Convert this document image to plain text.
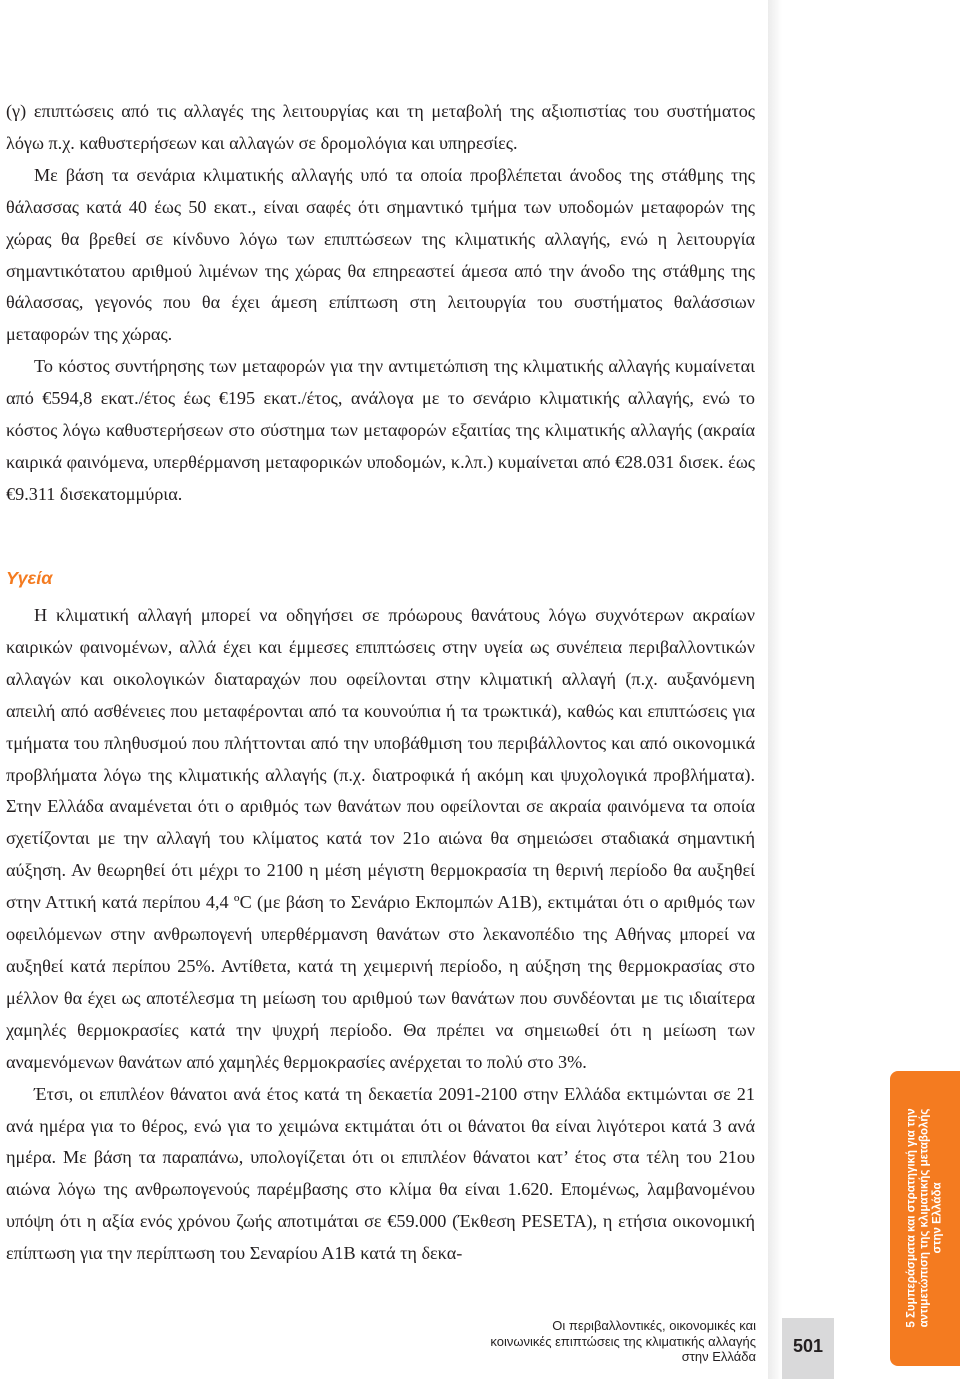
(γ) επιπτώσεις από τις αλλαγές της λειτουργίας και τη μεταβολή της αξιοπιστίας του συστήματος λόγω π.χ. καθυστερήσεων και αλλαγών σε δρομολόγια και υπηρεσίες.

Με βάση τα σενάρια κλιματικής αλλαγής υπό τα οποία προβλέπεται άνοδος της στάθμης της θάλασσας κατά 40 έως 50 εκατ., είναι σαφές ότι σημαντικό τμήμα των υποδομών μεταφορών της χώρας θα βρεθεί σε κίνδυνο λόγω των επιπτώσεων της κλιματικής αλλαγής, ενώ η λειτουργία σημαντικότατου αριθμού λιμένων της χώρας θα επηρεαστεί άμεσα από την άνοδο της στάθμης της θάλασσας, γεγονός που θα έχει άμεση επίπτωση στη λειτουργία του συστήματος θαλάσσιων μεταφορών της χώρας.

Το κόστος συντήρησης των μεταφορών για την αντιμετώπιση της κλιματικής αλλαγής κυμαίνεται από €594,8 εκατ./έτος έως €195 εκατ./έτος, ανάλογα με το σενάριο κλιματικής αλλαγής, ενώ το κόστος λόγω καθυστερήσεων στο σύστημα των μεταφορών εξαιτίας της κλιματικής αλλαγής (ακραία καιρικά φαινόμενα, υπερθέρμανση μεταφορικών υποδομών, κ.λπ.) κυμαίνεται από €28.031 δισεκ. έως €9.311 δισεκατομμύρια.

Υγεία

Η κλιματική αλλαγή μπορεί να οδηγήσει σε πρόωρους θανάτους λόγω συχνότερων ακραίων καιρικών φαινομένων, αλλά έχει και έμμεσες επιπτώσεις στην υγεία ως συνέπεια περιβαλλοντικών αλλαγών και οικολογικών διαταραχών που οφείλονται στην κλιματική αλλαγή (π.χ. αυξανόμενη απειλή από ασθένειες που μεταφέρονται από τα κουνούπια ή τα τρωκτικά), καθώς και επιπτώσεις για τμήματα του πληθυσμού που πλήττονται από την υποβάθμιση του περιβάλλοντος και από οικονομικά προβλήματα λόγω της κλιματικής αλλαγής (π.χ. διατροφικά ή ακόμη και ψυχολογικά προβλήματα). Στην Ελλάδα αναμένεται ότι ο αριθμός των θανάτων που οφείλονται σε ακραία φαινόμενα τα οποία σχετίζονται με την αλλαγή του κλίματος κατά τον 21ο αιώνα θα σημειώσει σταδιακά σημαντική αύξηση. Αν θεωρηθεί ότι μέχρι το 2100 η μέση μέγιστη θερμοκρασία τη θερινή περίοδο θα αυξηθεί στην Αττική κατά περίπου 4,4 ºC (με βάση το Σενάριο Εκπομπών Α1Β), εκτιμάται ότι ο αριθμός των οφειλόμενων στην ανθρωπογενή υπερθέρμανση θανάτων στο λεκανοπέδιο της Αθήνας μπορεί να αυξηθεί κατά περίπου 25%. Αντίθετα, κατά τη χειμερινή περίοδο, η αύξηση της θερμοκρασίας στο μέλλον θα έχει ως αποτέλεσμα τη μείωση του αριθμού των θανάτων που συνδέονται με τις ιδιαίτερα χαμηλές θερμοκρασίες κατά την ψυχρή περίοδο. Θα πρέπει να σημειωθεί ότι η μείωση των αναμενόμενων θανάτων από χαμηλές θερμοκρασίες ανέρχεται το πολύ στο 3%.

Έτσι, οι επιπλέον θάνατοι ανά έτος κατά τη δεκαετία 2091-2100 στην Ελλάδα εκτιμώνται σε 21 ανά ημέρα για το θέρος, ενώ για το χειμώνα εκτιμάται ότι οι θάνατοι θα είναι λιγότεροι κατά 3 ανά ημέρα. Με βάση τα παραπάνω, υπολογίζεται ότι οι επιπλέον θάνατοι κατ’ έτος στα τέλη του 21ου αιώνα λόγω της ανθρωπογενούς παρέμβασης στο κλίμα θα είναι 1.620. Επομένως, λαμβανομένου υπόψη ότι η αξία ενός χρόνου ζωής αποτιμάται σε €59.000 (Έκθεση PESETA), η ετήσια οικονομική επίπτωση για την περίπτωση του Σεναρίου Α1Β κατά τη δεκα-

Οι περιβαλλοντικές, οικονομικές και
κοινωνικές επιπτώσεις της κλιματικής αλλαγής
στην Ελλάδα
501
5 Συμπεράσματα και στρατηγική για την αντιμετώπιση της κλιματικής μεταβολής στην Ελλάδα
